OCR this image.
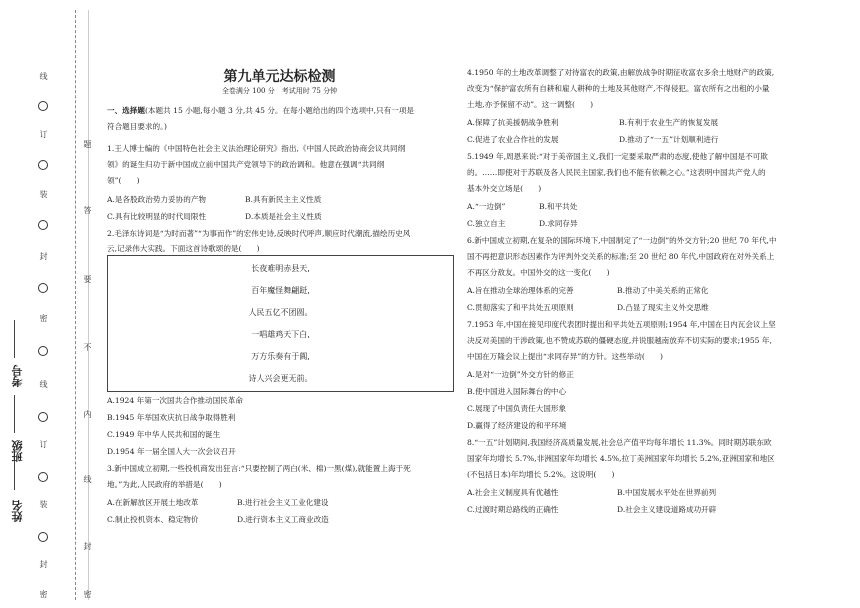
线
订
装
封
密
线
订
装
封
密
题
答
要
不
内
线
封
密
姓名
班级
考号
第九单元达标检测
全卷满分 100 分　考试用时 75 分钟
一、选择题(本题共 15 小题,每小题 3 分,共 45 分。在每小题给出的四个选项中,只有一项是
符合题目要求的。)
1.王人博士编的《中国特色社会主义法治理论研究》指出,《中国人民政治协商会议共同纲
领》的诞生归功于新中国成立前中国共产党领导下的政治调和。他意在强调“共同纲
领”(　　)
A.是各股政治势力妥协的产物	B.具有新民主主义性质
C.具有比较明显的时代局限性	D.本质是社会主义性质
2.毛泽东诗词是“为时而著”“为事而作”的宏伟史诗,反映时代呼声,顺应时代潮流,描绘历史风
云,记录伟大实践。下面这首诗歌颂的是(　　)
长夜难明赤县天,
百年魔怪舞翩跹,
人民五亿不团圆。
一唱雄鸡天下白,
万方乐奏有于阗,
诗人兴会更无前。
A.1924 年第一次国共合作推动国民革命
B.1945 年举国欢庆抗日战争取得胜利
C.1949 年中华人民共和国的诞生
D.1954 年一届全国人大一次会议召开
3.新中国成立初期,一些投机商发出狂言:“只要控制了两白(米、棉)一黑(煤),就能置上海于死
地。”为此,人民政府的举措是(　　)
A.在新解放区开展土地改革	B.进行社会主义工业化建设
C.制止投机资本、稳定物价	D.进行资本主义工商业改造
4.1950 年的土地改革调整了对待富农的政策,由解放战争时期征收富农多余土地财产的政策,
改变为“保护富农所有自耕和雇人耕种的土地及其他财产,不得侵犯。富农所有之出租的小量
土地,亦予保留不动”。这一调整(　　)
A.保障了抗美援朝战争胜利	B.有利于农业生产的恢复发展
C.促进了农业合作社的发展	D.推动了“一五”计划顺利进行
5.1949 年,周恩来说:“对于美帝国主义,我们一定要采取严肃的态度,使他了解中国是不可欺
的。……即使对于苏联及各人民民主国家,我们也不能有依赖之心。”这表明中国共产党人的
基本外交立场是(　　)
A.“一边倒”	B.和平共处
C.独立自主	D.求同存异
6.新中国成立初期,在复杂的国际环境下,中国制定了“一边倒”的外交方针;20 世纪 70 年代,中
国不再把意识形态因素作为评判外交关系的标准;至 20 世纪 80 年代,中国政府在对外关系上
不再区分敌友。中国外交的这一变化(　　)
A.旨在推动全球治理体系的完善	B.推动了中美关系的正常化
C.贯彻落实了和平共处五项原则	D.凸显了现实主义外交思维
7.1953 年,中国在接见印度代表团时提出和平共处五项原则;1954 年,中国在日内瓦会议上坚
决反对美国的干涉政策,也不赞成苏联的僵硬态度,并说服越南放弃不切实际的要求;1955 年,
中国在万隆会议上提出“求同存异”的方针。这些举动(　　)
A.是对“一边倒”外交方针的修正
B.使中国进入国际舞台的中心
C.展现了中国负责任大国形象
D.赢得了经济建设的和平环境
8.“一五”计划期间,我国经济高质量发展,社会总产值平均每年增长 11.3%。同时期苏联东欧
国家年均增长 5.7%,非洲国家年均增长 4.5%,拉丁美洲国家年均增长 5.2%,亚洲国家和地区
(不包括日本)年均增长 5.2%。这说明(　　)
A.社会主义制度具有优越性	B.中国发展水平处在世界前列
C.过渡时期总路线的正确性	D.社会主义建设道路成功开辟
